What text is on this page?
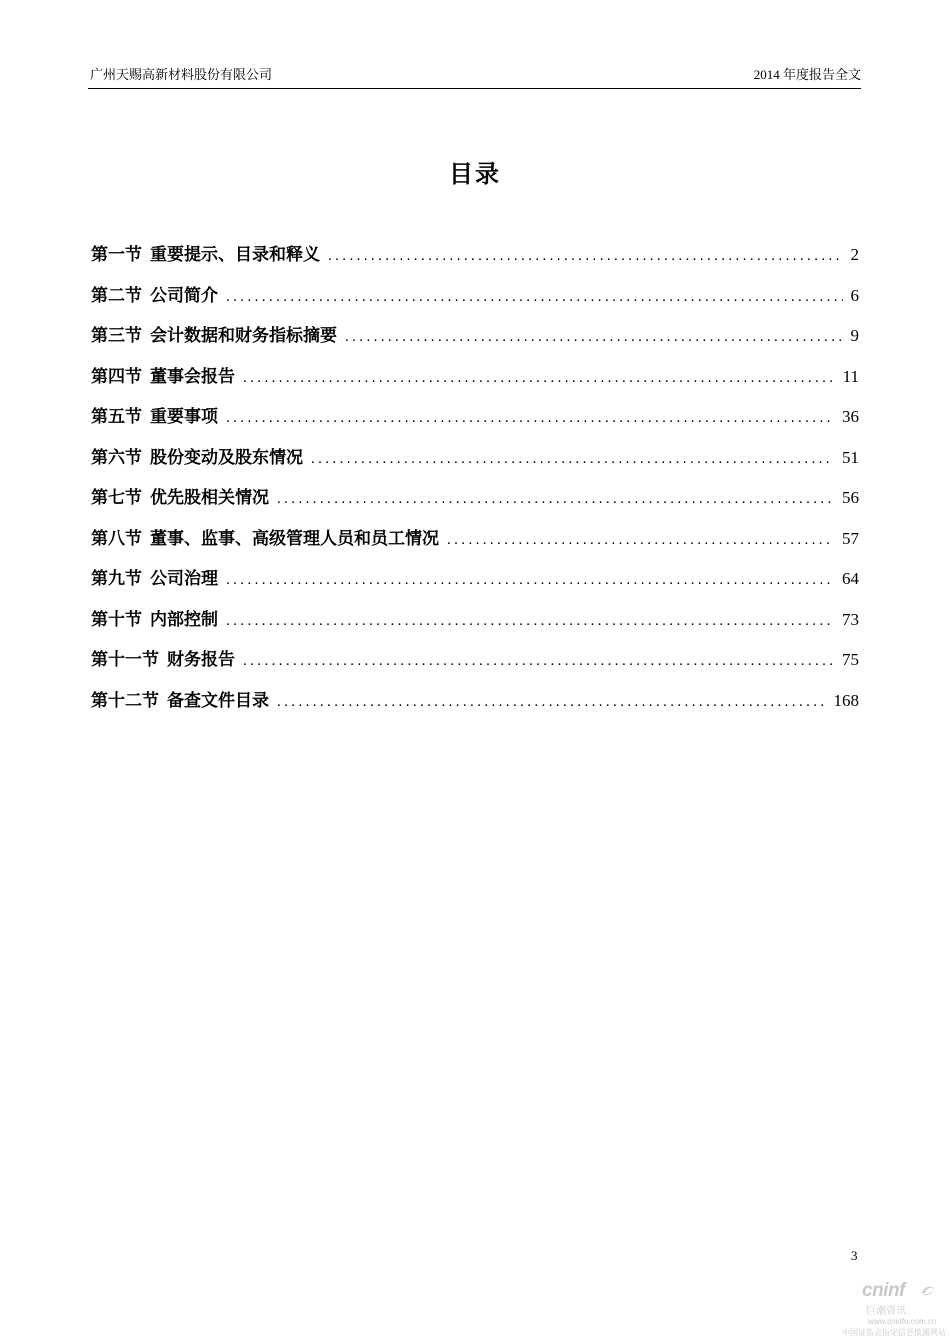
广州天赐高新材料股份有限公司	2014 年度报告全文
目录
第一节 重要提示、目录和释义 .....	2
第二节 公司简介 .....	6
第三节 会计数据和财务指标摘要 .....	9
第四节 董事会报告 .....	11
第五节 重要事项 .....	36
第六节 股份变动及股东情况 .....	51
第七节 优先股相关情况 .....	56
第八节 董事、监事、高级管理人员和员工情况 .....	57
第九节 公司治理 .....	64
第十节 内部控制 .....	73
第十一节 财务报告 .....	75
第十二节 备查文件目录 .....	168
3
cninf
巨潮资讯
www.cninfo.com.cn
中国证监会指定信息披露网站
